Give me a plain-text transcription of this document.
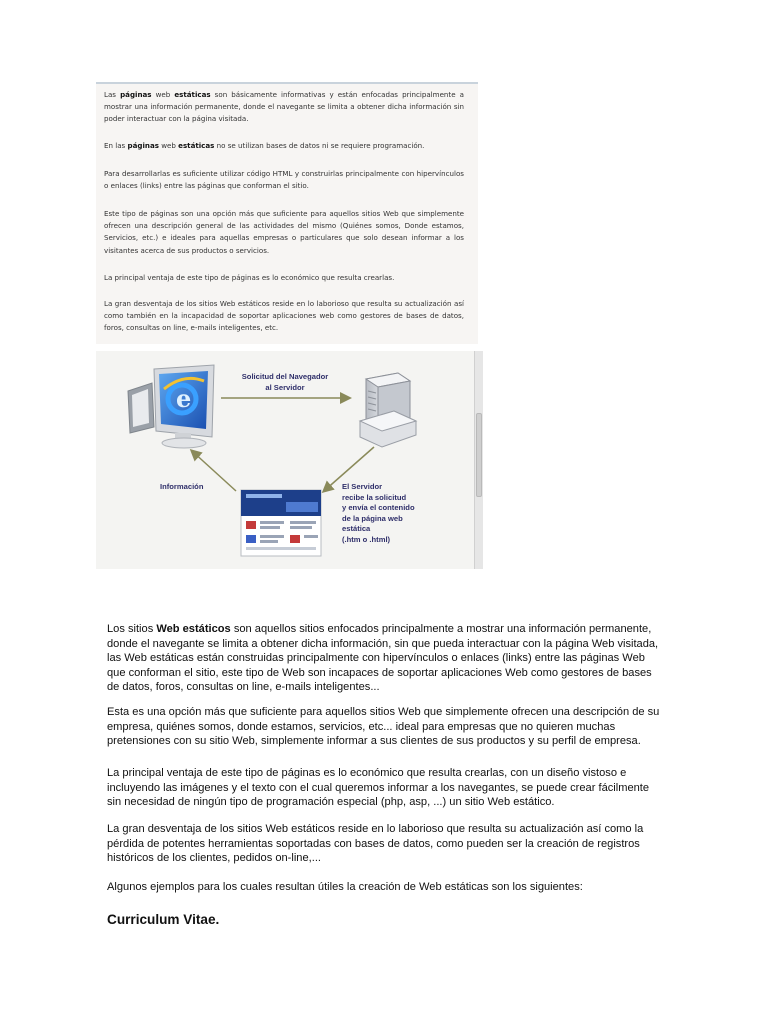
Las páginas web estáticas son básicamente informativas y están enfocadas principalmente a mostrar una información permanente, donde el navegante se limita a obtener dicha información sin poder interactuar con la página visitada.

En las páginas web estáticas no se utilizan bases de datos ni se requiere programación.

Para desarrollarlas es suficiente utilizar código HTML y construirlas principalmente con hipervínculos o enlaces (links) entre las páginas que conforman el sitio.

Este tipo de páginas son una opción más que suficiente para aquellos sitios Web que simplemente ofrecen una descripción general de las actividades del mismo (Quiénes somos, Donde estamos, Servicios, etc.) e ideales para aquellas empresas o particulares que solo desean informar a los visitantes acerca de sus productos o servicios.

La principal ventaja de este tipo de páginas es lo económico que resulta crearlas.

La gran desventaja de los sitios Web estáticos reside en lo laborioso que resulta su actualización así como también en la incapacidad de soportar aplicaciones web como gestores de bases de datos, foros, consultas on line, e-mails inteligentes, etc.

e
Solicitud del Navegador
al Servidor
Información	El Servidor
recibe la solicitud
y envía el contenido
de la página web
estática
(.htm o .html)
Los sitios Web estáticos son aquellos sitios enfocados principalmente a mostrar una información permanente, donde el navegante se limita a obtener dicha información, sin que pueda interactuar con la página Web visitada, las Web estáticas están construidas principalmente con hipervínculos o enlaces (links) entre las páginas Web que conforman el sitio, este tipo de Web son incapaces de soportar aplicaciones Web como gestores de bases de datos, foros, consultas on line, e-mails inteligentes...
Esta es una opción más que suficiente para aquellos sitios Web que simplemente ofrecen una descripción de su empresa, quiénes somos, donde estamos, servicios, etc... ideal para empresas que no quieren muchas pretensiones con su sitio Web, simplemente informar a sus clientes de sus productos y su perfil de empresa.
La principal ventaja de este tipo de páginas es lo económico que resulta crearlas, con un diseño vistoso e incluyendo las imágenes y el texto con el cual queremos informar a los navegantes, se puede crear fácilmente sin necesidad de ningún tipo de programación especial (php, asp, ...) un sitio Web estático.
La gran desventaja de los sitios Web estáticos reside en lo laborioso que resulta su actualización así como la pérdida de potentes herramientas soportadas con bases de datos, como pueden ser la creación de registros históricos de los clientes, pedidos on-line,...
Algunos ejemplos para los cuales resultan útiles la creación de Web estáticas son los siguientes:
Curriculum Vitae.
